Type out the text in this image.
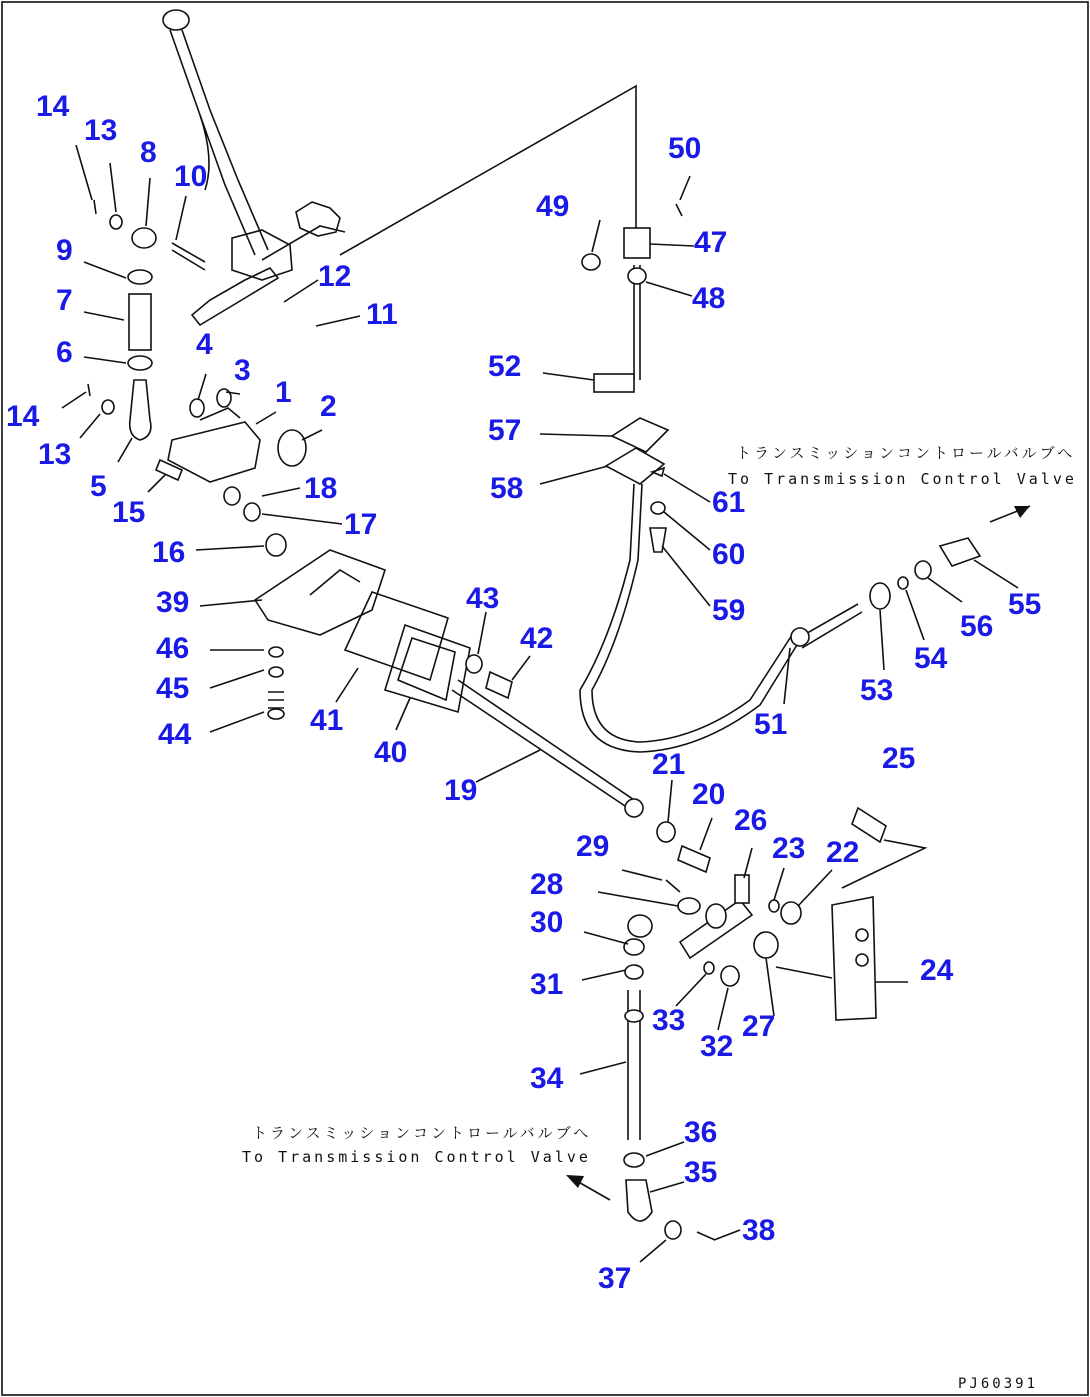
1 2
3
4
5
6
7
8
9
10
11
12
13
13
14
14
15
16
17
18
19	20
21
22
23
24
25
26
27
28
29
30
31
32
33
34
35
36
37
38
39
40
41
42
43
44
45
46
47
48
49
50
51
52
53
54
55
56
57
58
59
60
61
トランスミッションコントロールバルブへ
To Transmission Control Valve
トランスミッションコントロールバルブへ
To Transmission Control Valve
PJ60391
